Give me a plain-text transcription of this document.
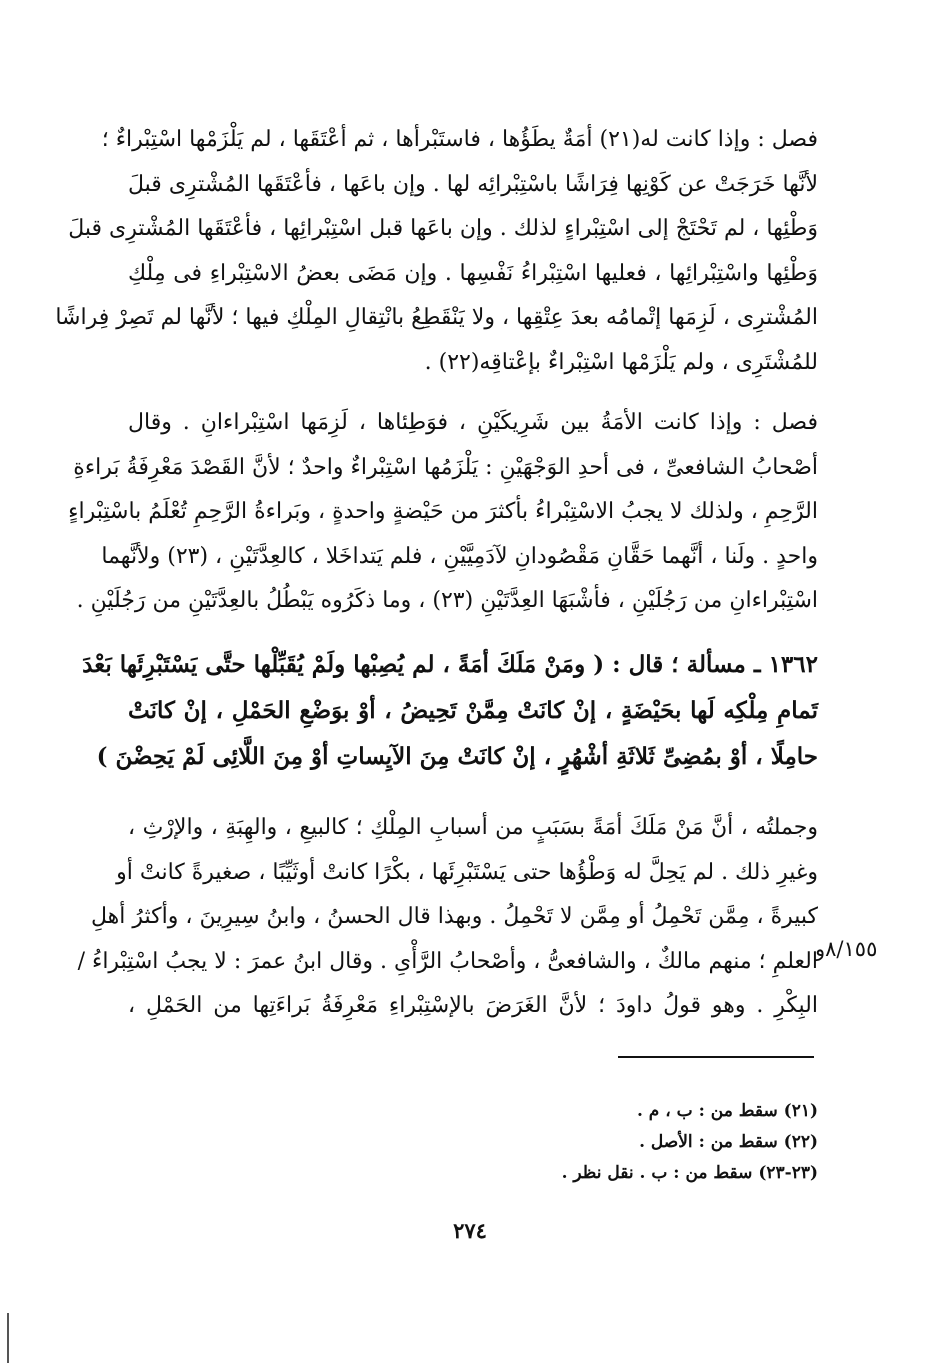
فصل : وإذا كانت له(٢١) أمَةٌ يطَؤُها ، فاستَبْرأها ، ثم أعْتَقَها ، لم يَلْزَمْها اسْتِبْراءٌ ؛
لأنَّها خَرَجَتْ عن كَوْنِها فِرَاشًا باسْتِبْرائِه لها . وإن باعَها ، فأعْتَقَها المُشْترِى قبلَ
وَطْئِها ، لم تَحْتَجْ إلى اسْتِبْراءٍ لذلك . وإن باعَها قبل اسْتِبْرائِها ، فأعْتَقَها المُشْترِى قبلَ
وَطْئِها واسْتِبْرائِها ، فعليها اسْتِبْراءُ نَفْسِها . وإن مَضَى بعضُ الاسْتِبْراءِ فى مِلْكِ
المُشْترِى ، لَزِمَها إتْمامُه بعدَ عِتْقِها ، ولا يَنْقَطِعُ بانْتِقالِ المِلْكِ فيها ؛ لأنَّها لم تَصِرْ فِراشًا
للمُشْتَرِى ، ولم يَلْزَمْها اسْتِبْراءٌ بإعْتاقِه(٢٢) .
فصل : وإذا كانت الأمَةُ بين شَرِيكَيْنِ ، فوَطِئاها ، لَزِمَها اسْتِبْراءانِ . وقال
أصْحابُ الشافعىِّ ، فى أحدِ الوَجْهَيْنِ : يَلْزَمُها اسْتِبْراءٌ واحدٌ ؛ لأنَّ القَصْدَ مَعْرِفَةُ بَراءةِ
الرَّحِمِ ، ولذلك لا يجبُ الاسْتِبْراءُ بأكثرَ من حَيْضةٍ واحدةٍ ، وبَراءةُ الرَّحِمِ تُعْلَمُ باسْتِبْراءٍ
واحدٍ . ولَنا ، أنَّهما حَقَّانِ مَقْصُودانِ لآدَمِيَّيْنِ ، فلم يَتداخَلا ، كالعِدَّتَيْنِ ، (٢٣) ولأنَّهما
اسْتِبْراءانِ من رَجُلَيْنِ ، فأشْبَهَا العِدَّتَيْنِ (٢٣) ، وما ذكَرُوه يَبْطُلُ بالعِدَّتَيْنِ من رَجُلَيْنِ .
١٣٦٢ ـ مسألة ؛ قال : ( ومَنْ مَلَكَ أمَةً ، لم يُصِبْها ولَمْ يُقَبِّلْها حتَّى يَسْتَبْرِئَها بَعْدَ
تَمامِ مِلْكِه لَها بحَيْضَةٍ ، إنْ كانَتْ مِمَّنْ تَحِيضُ ، أوْ بوَضْعِ الحَمْلِ ، إنْ كانَتْ
حامِلًا ، أوْ بمُضِىِّ ثَلاثَةِ أشْهُرٍ ، إنْ كانَتْ مِنَ الآيِساتِ أوْ مِنَ اللَّائِى لَمْ يَحِضْنَ )
وجملتُه ، أنَّ مَنْ مَلَكَ أمَةً بسَبَبٍ من أسبابِ المِلْكِ ؛ كالبيعِ ، والهِبَةِ ، والإرْثِ ،
وغيرِ ذلك . لم يَحِلَّ له وَطْؤُها حتى يَسْتَبْرِئَها ، بكْرًا كانتْ أوثَيِّبًا ، صغيرةً كانتْ أو
كبيرةً ، مِمَّن تَحْمِلُ أو مِمَّن لا تَحْمِلُ . وبهذا قال الحسنُ ، وابنُ سِيرِينَ ، وأكثرُ أهلِ
العلمِ ؛ منهم مالكٌ ، والشافعىُّ ، وأصْحابُ الرَّأْىِ . وقال ابنُ عمرَ : لا يجبُ اسْتِبْراءُ /
البِكْرِ . وهو قولُ داودَ ؛ لأنَّ الغَرَضَ بالإسْتِبْراءِ مَعْرِفَةُ بَراءَتِها من الحَمْلِ ،
٨/١٥٥و
(٢١) سقط من : ب ، م .
(٢٢) سقط من : الأصل .
(٢٣-٢٣) سقط من : ب . نقل نظر .
٢٧٤
